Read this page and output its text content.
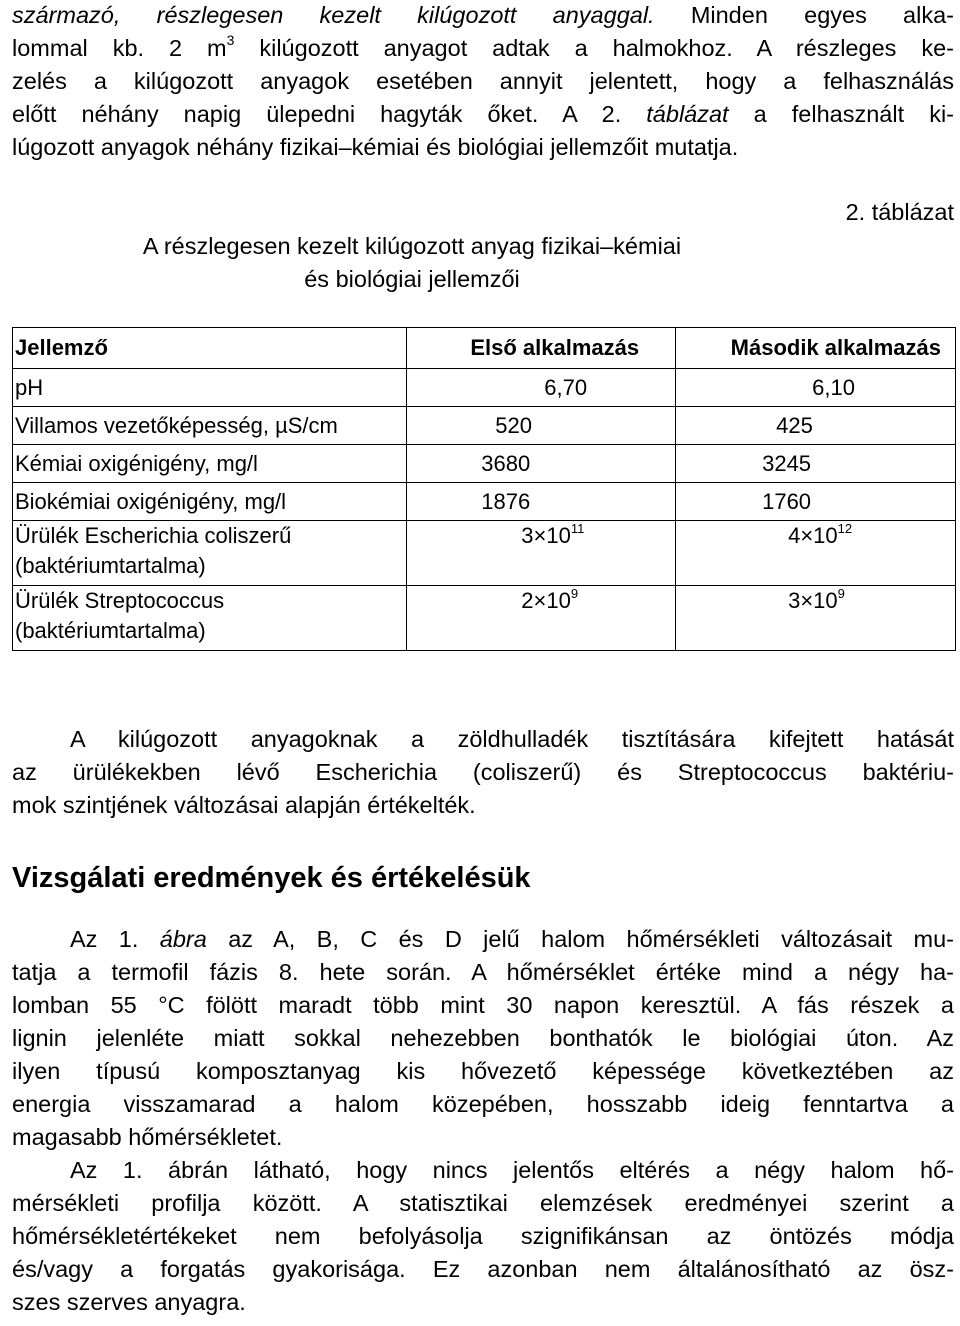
származó, részlegesen kezelt kilúgozott anyaggal. Minden egyes alka-
lommal kb. 2 $m^3$ kilúgozott anyagot adtak a halmokhoz. A részleges ke-
zelés a kilúgozott anyagok esetében annyit jelentett, hogy a felhasználás
előtt néhány napig ülepedni hagyták őket. A 2. táblázat a felhasznált ki-
lúgozott anyagok néhány fizikai–kémiai és biológiai jellemzőit mutatja.
2. táblázat
A részlegesen kezelt kilúgozott anyag fizikai–kémiai
és biológiai jellemzői
Jellemző	Első alkalmazás	Második alkalmazás
pH	6,70	6,10
Villamos vezetőképesség, µS/cm	520	425
Kémiai oxigénigény, mg/l	3680	3245
Biokémiai oxigénigény, mg/l	1876	1760

Ürülék Escherichia coliszerű
(baktériumtartalma)	$3\times 10^{11}$	$4\times 10^{12}$

Ürülék Streptococcus
(baktériumtartalma)	$2\times 10^9$	$3\times 10^9$
A kilúgozott anyagoknak a zöldhulladék tisztítására kifejtett hatását
az ürülékekben lévő Escherichia (coliszerű) és Streptococcus baktériu-
mok szintjének változásai alapján értékelték.
Vizsgálati eredmények és értékelésük
Az 1. ábra az A, B, C és D jelű halom hőmérsékleti változásait mu-
tatja a termofil fázis 8. hete során. A hőmérséklet értéke mind a négy ha-
lomban 55 °C fölött maradt több mint 30 napon keresztül. A fás részek a
lignin jelenléte miatt sokkal nehezebben bonthatók le biológiai úton. Az
ilyen típusú komposztanyag kis hővezető képessége következtében az
energia visszamarad a halom közepében, hosszabb ideig fenntartva a
magasabb hőmérsékletet.
Az 1. ábrán látható, hogy nincs jelentős eltérés a négy halom hő-
mérsékleti profilja között. A statisztikai elemzések eredményei szerint a
hőmérsékletértékeket nem befolyásolja szignifikánsan az öntözés módja
és/vagy a forgatás gyakorisága. Ez azonban nem általánosítható az ösz-
szes szerves anyagra.
